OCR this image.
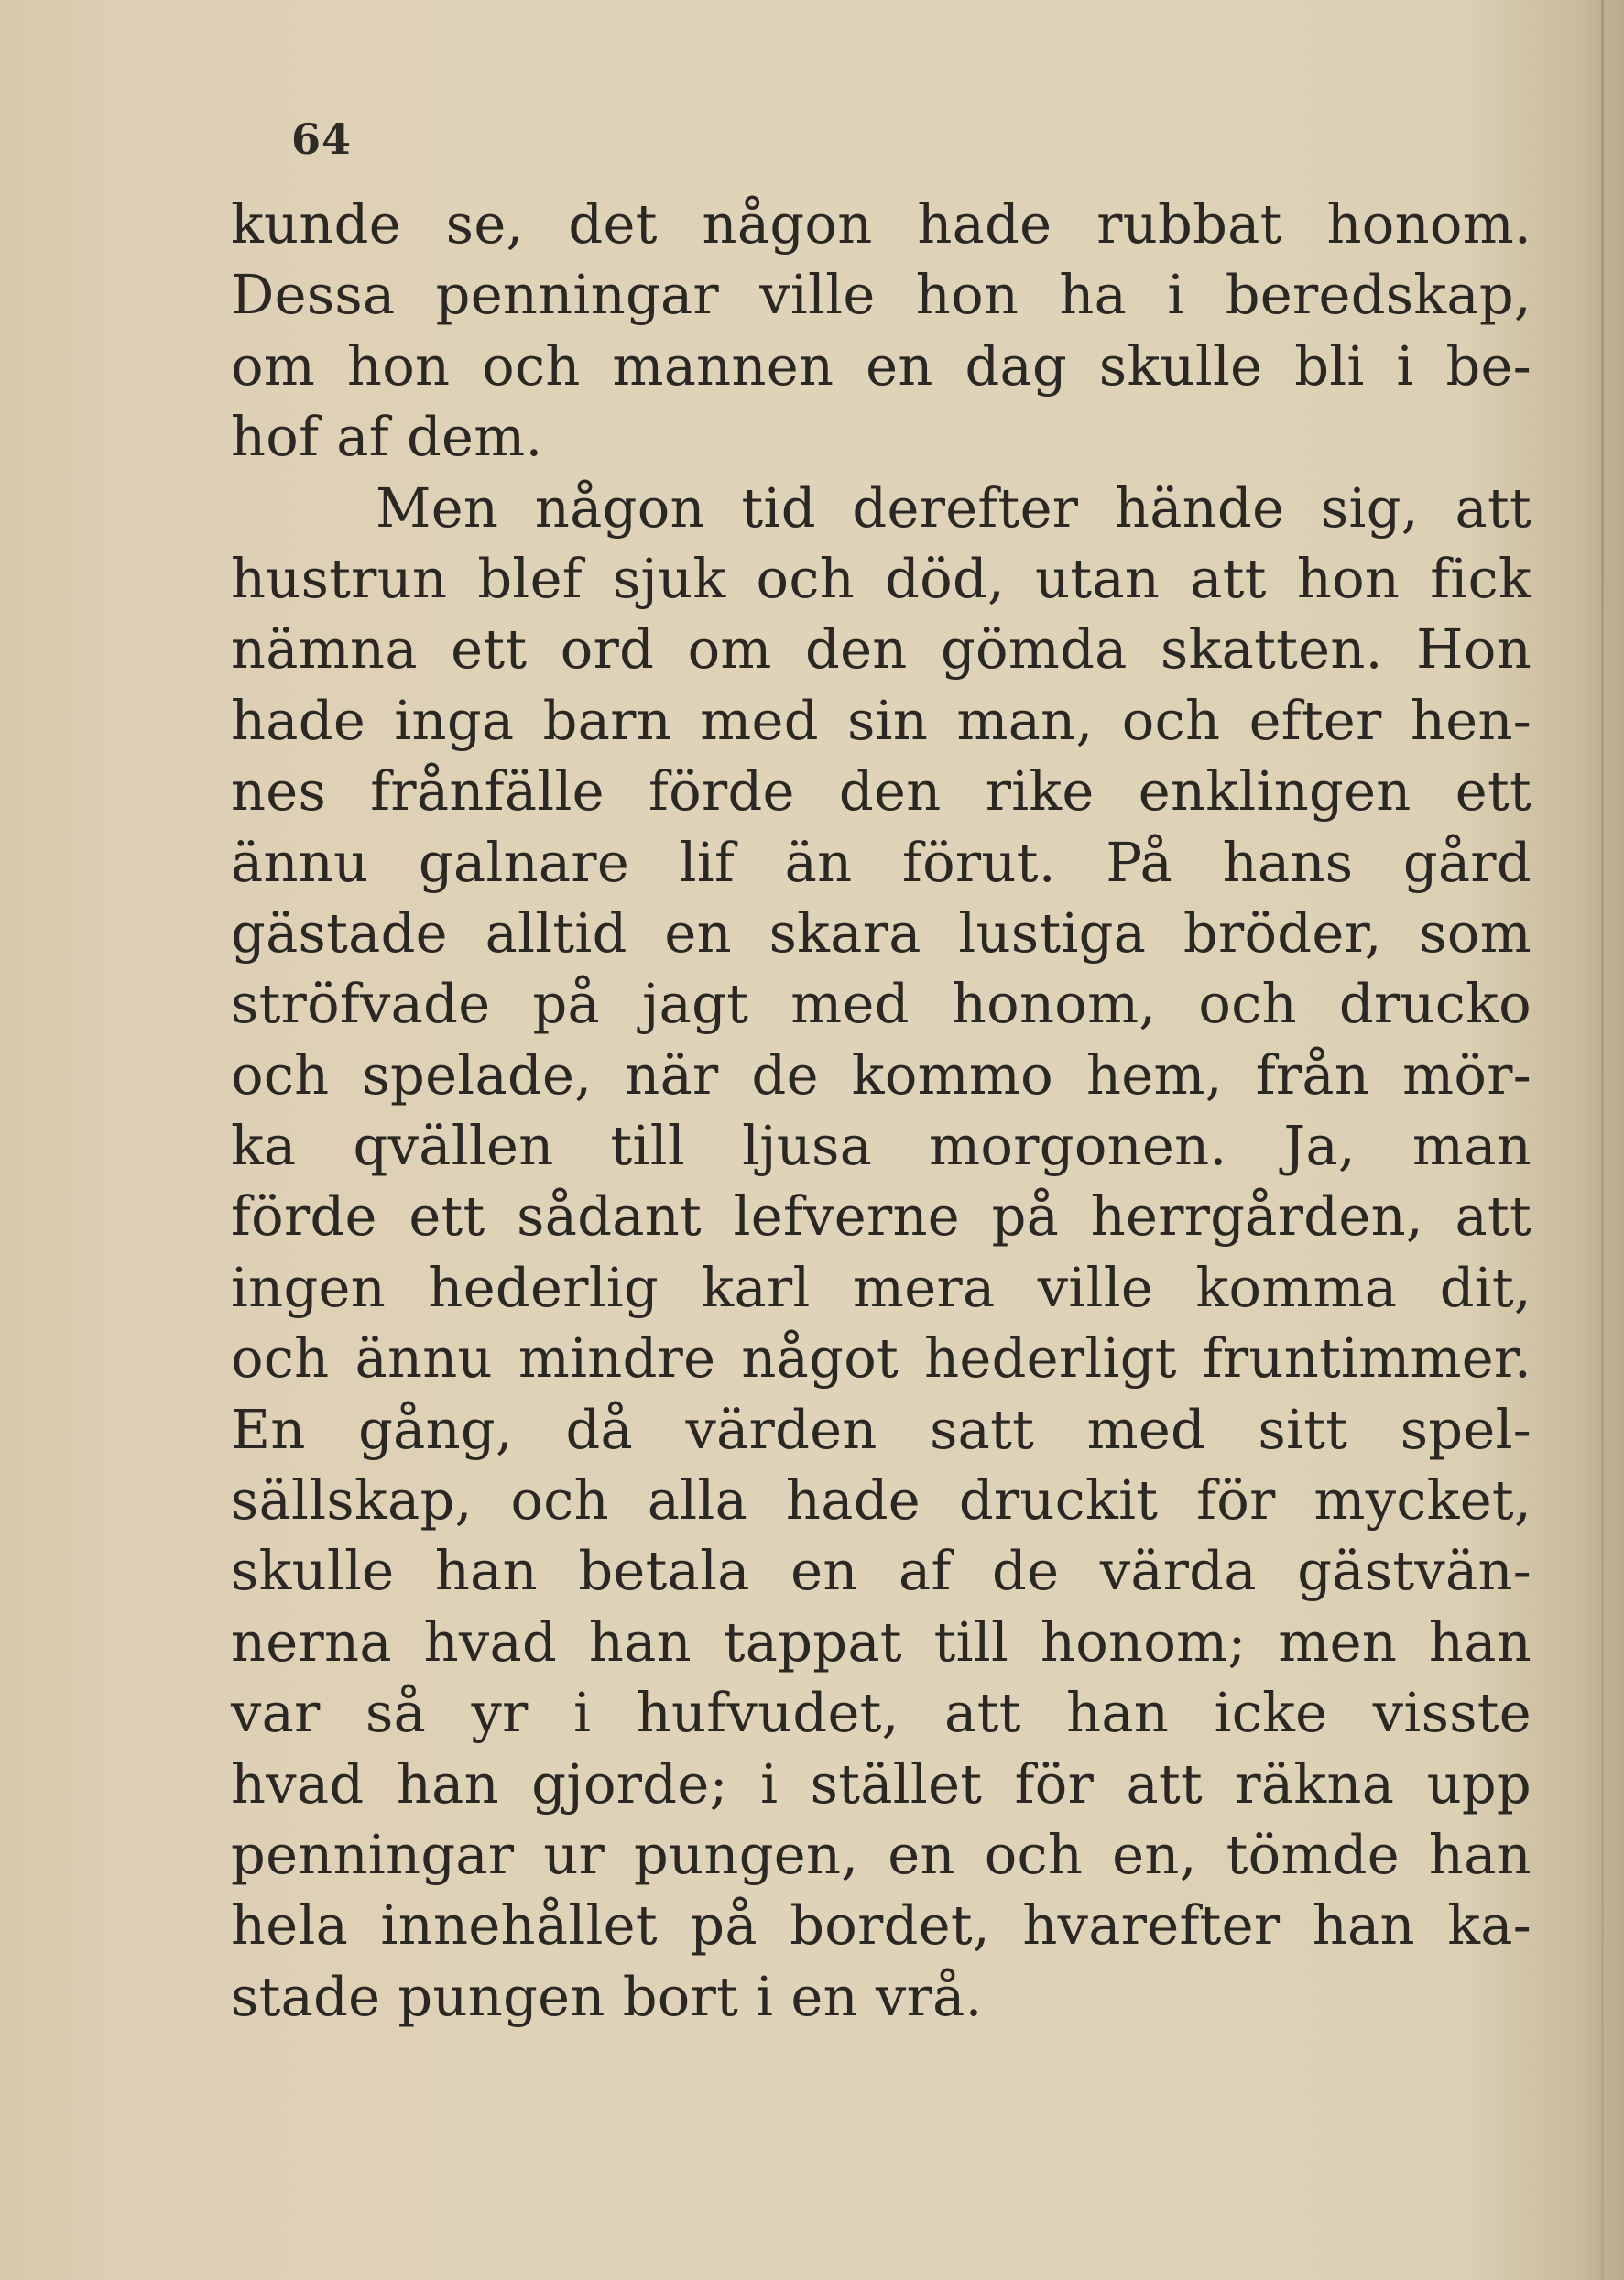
64
kunde se, det någon hade rubbat honom.
Dessa penningar ville hon ha i beredskap,
om hon och mannen en dag skulle bli i be-
hof af dem.
Men någon tid derefter hände sig, att
hustrun blef sjuk och död, utan att hon fick
nämna ett ord om den gömda skatten. Hon
hade inga barn med sin man, och efter hen-
nes frånfälle förde den rike enklingen ett
ännu galnare lif än förut. På hans gård
gästade alltid en skara lustiga bröder, som
ströfvade på jagt med honom, och drucko
och spelade, när de kommo hem, från mör-
ka qvällen till ljusa morgonen. Ja, man
förde ett sådant lefverne på herrgården, att
ingen hederlig karl mera ville komma dit,
och ännu mindre något hederligt fruntimmer.
En gång, då värden satt med sitt spel-
sällskap, och alla hade druckit för mycket,
skulle han betala en af de värda gästvän-
nerna hvad han tappat till honom; men han
var så yr i hufvudet, att han icke visste
hvad han gjorde; i stället för att räkna upp
penningar ur pungen, en och en, tömde han
hela innehållet på bordet, hvarefter han ka-
stade pungen bort i en vrå.
